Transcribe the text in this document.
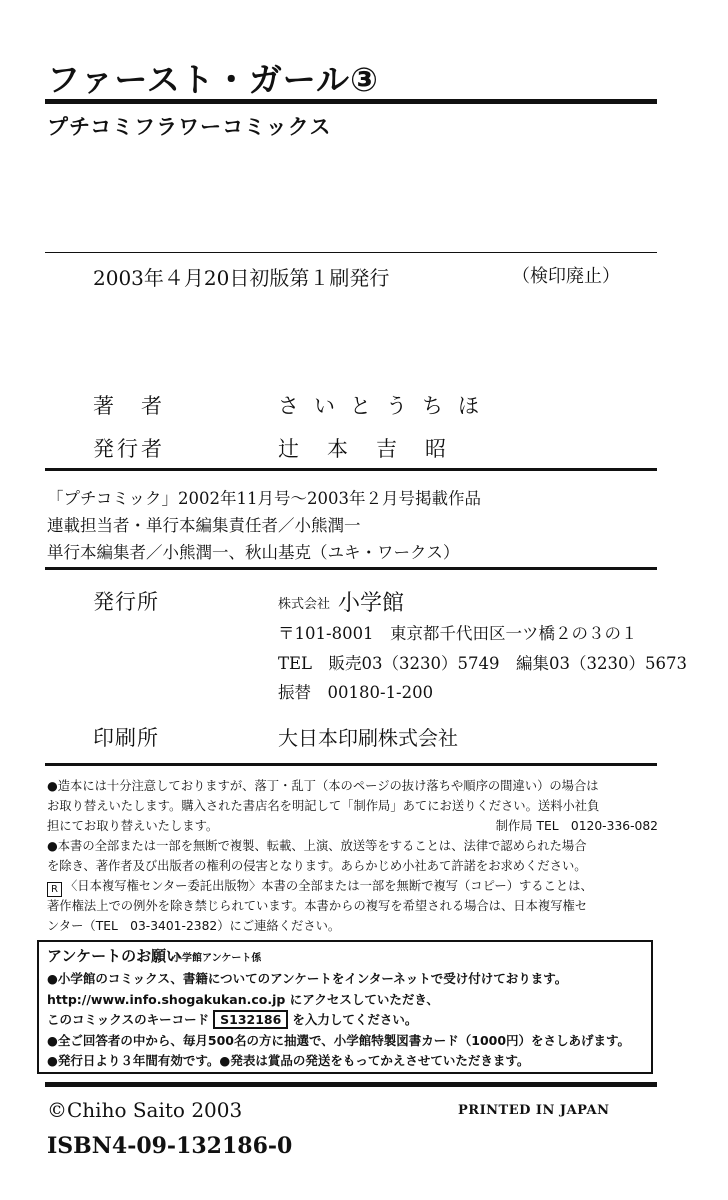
ファースト・ガール③
プチコミフラワーコミックス
2003年４月20日初版第１刷発行	（検印廃止）
著　者	さいとうちほ
発行者	辻本吉昭
「プチコミック」2002年11月号〜2003年２月号掲載作品
連載担当者・単行本編集責任者／小熊潤一
単行本編集者／小熊潤一、秋山基克（ユキ・ワークス）
発行所	株式会社 小学館
〒101-8001　東京都千代田区一ツ橋２の３の１
TEL　販売03（3230）5749　編集03（3230）5673
振替　00180-1-200
印刷所	大日本印刷株式会社
●造本には十分注意しておりますが、落丁・乱丁（本のページの抜け落ちや順序の間違い）の場合は
お取り替えいたします。購入された書店名を明記して「制作局」あてにお送りください。送料小社負
担にてお取り替えいたします。	制作局 TEL　0120-336-082
●本書の全部または一部を無断で複製、転載、上演、放送等をすることは、法律で認められた場合
を除き、著作者及び出版者の権利の侵害となります。あらかじめ小社あて許諾をお求めください。
R 〈日本複写権センター委託出版物〉本書の全部または一部を無断で複写（コピー）することは、
著作権法上での例外を除き禁じられています。本書からの複写を希望される場合は、日本複写権セ
ンター（TEL　03-3401-2382）にご連絡ください。
アンケートのお願い
小学館アンケート係
●小学館のコミックス、書籍についてのアンケートをインターネットで受け付けております。
http://www.info.shogakukan.co.jp にアクセスしていただき、
このコミックスのキーコード S132186 を入力してください。
●全ご回答者の中から、毎月500名の方に抽選で、小学館特製図書カード（1000円）をさしあげます。
●発行日より３年間有効です。●発表は賞品の発送をもってかえさせていただきます。
©Chiho Saito 2003	PRINTED IN JAPAN
ISBN4-09-132186-0
